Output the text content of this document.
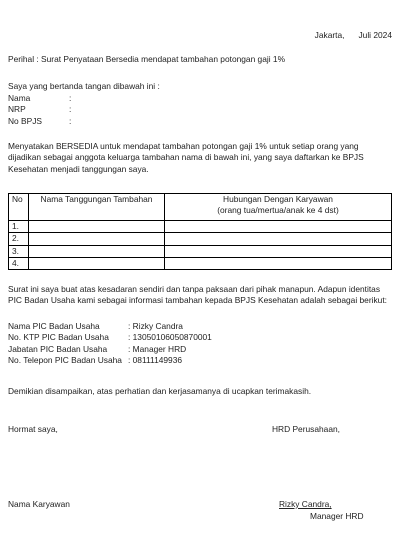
Jakarta, Juli 2024
Perihal : Surat Penyataan Bersedia mendapat tambahan potongan gaji 1%
Saya yang bertanda tangan dibawah ini :
Nama	:
NRP	:
No BPJS	:
Menyatakan BERSEDIA untuk mendapat tambahan potongan gaji 1% untuk setiap orang yang dijadikan sebagai anggota keluarga tambahan nama di bawah ini, yang saya daftarkan ke BPJS Kesehatan menjadi tanggungan saya.
No	Nama Tanggungan Tambahan	Hubungan Dengan Karyawan
(orang tua/mertua/anak ke 4 dst)

1.		
2.		
3.		
4.		
Surat ini saya buat atas kesadaran sendiri dan tanpa paksaan dari pihak manapun. Adapun identitas PIC Badan Usaha kami sebagai informasi tambahan kepada BPJS Kesehatan adalah sebagai berikut:
Nama PIC Badan Usaha	: Rizky Candra
No. KTP PIC Badan Usaha	: 13050106050870001
Jabatan PIC Badan Usaha	: Manager HRD
No. Telepon PIC Badan Usaha : 08111149936
Demikian disampaikan, atas perhatian dan kerjasamanya di ucapkan terimakasih.
Hormat saya,	HRD Perusahaan,
Nama Karyawan	Rizky Candra,
Manager HRD
